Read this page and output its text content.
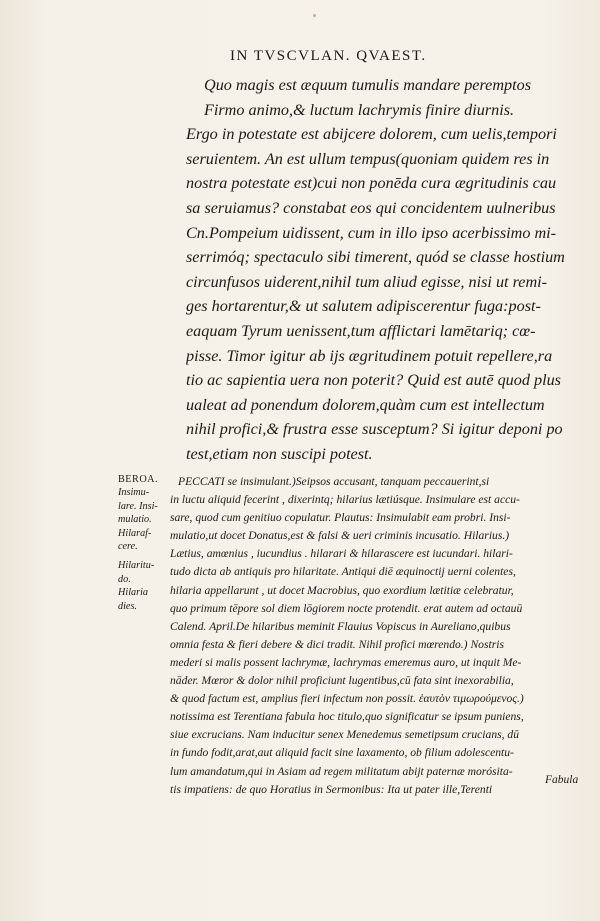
IN TVSCVLAN. QVAEST.
Quo magis est æquum tumulis mandare peremptos
Firmo animo,& luctum lachrymis finire diurnis.
Ergo in potestate est abijcere dolorem, cum uelis,tempori
seruientem. An est ullum tempus(quoniam quidem res in
nostra potestate est)cui non ponēda cura ægritudinis cau
sa seruiamus? constabat eos qui concidentem uulneribus
Cn.Pompeium uidissent, cum in illo ipso acerbissimo mi-
serrimóq; spectaculo sibi timerent, quód se classe hostium
circunfusos uiderent,nihil tum aliud egisse, nisi ut remi-
ges hortarentur,& ut salutem adipiscerentur fuga:post-
eaquam Tyrum uenissent,tum afflictari lamētariq; cœ-
pisse. Timor igitur ab ijs ægritudinem potuit repellere,ra
tio ac sapientia uera non poterit? Quid est autē quod plus
ualeat ad ponendum dolorem,quàm cum est intellectum
nihil profici,& frustra esse susceptum? Si igitur deponi po
test,etiam non suscipi potest.
BEROA.
Insimu-
lare. Insi-
mulatio.
Hilaraf-
cere.
Hilaritu-
do.
Hilaria
dies.
PECCATI se insimulant.)Seipsos accusant, tanquam peccauerint,si
in luctu aliquid fecerint , dixerintq; hilarius lætiúsque. Insimulare est accu-
sare, quod cum genitiuo copulatur. Plautus: Insimulabit eam probri. Insi-
mulatio,ut docet Donatus,est & falsi & ueri criminis incusatio. Hilarius.)
Lætius, amœnius , iucundius . hilarari & hilarascere est iucundari. hilari-
tudo dicta ab antiquis pro hilaritate. Antiqui diē æquinoctij uerni colentes,
hilaria appellarunt , ut docet Macrobius, quo exordium lætitiæ celebratur,
quo primum tēpore sol diem lōgiorem nocte protendit. erat autem ad octauū
Calend. April.De hilaribus meminit Flauius Vopiscus in Aureliano,quibus
omnia festa & fieri debere & dici tradit. Nihil profici mœrendo.) Nostris
mederi si malis possent lachrymæ, lachrymas emeremus auro, ut inquit Me-
nāder. Mœror & dolor nihil proficiunt lugentibus,cū fata sint inexorabilia,
& quod factum est, amplius fieri infectum non possit. ἑαυτὸν τιμωρούμενος.)
notissima est Terentiana fabula hoc titulo,quo significatur se ipsum puniens,
siue excrucians. Nam inducitur senex Menedemus semetipsum crucians, dū
in fundo fodit,arat,aut aliquid facit sine laxamento, ob filium adolescentu-
lum amandatum,qui in Asiam ad regem militatum abijt paternæ morósita-
tis impatiens: de quo Horatius in Sermonibus: Ita ut pater ille,Terenti
Fabula
